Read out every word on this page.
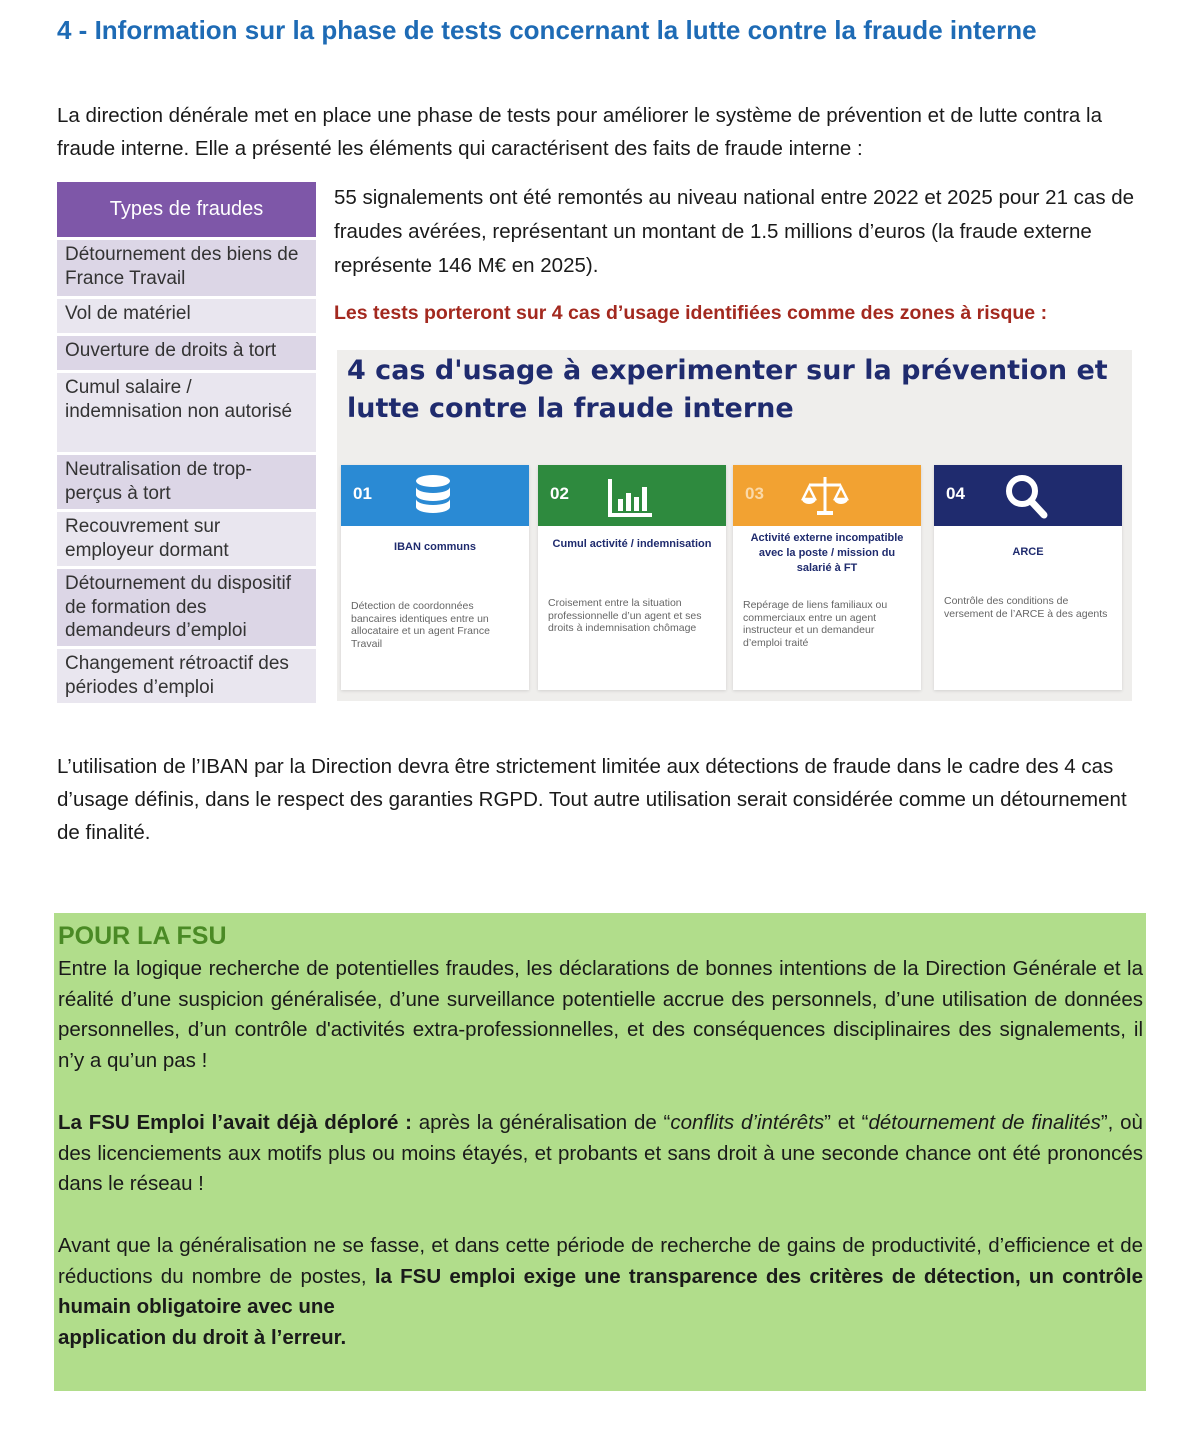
4 - Information sur la phase de tests concernant la lutte contre la fraude interne
La direction dénérale met en place une phase de tests pour améliorer le système de prévention et de lutte contra la fraude interne. Elle a présenté les éléments qui caractérisent des faits de fraude interne :
Types de fraudes
Détournement des biens de France Travail
Vol de matériel
Ouverture de droits à tort
Cumul salaire / indemnisation non autorisé
Neutralisation de trop-perçus à tort
Recouvrement sur employeur dormant
Détournement du dispositif de formation des demandeurs d’emploi
Changement rétroactif des périodes d’emploi
55 signalements ont été remontés au niveau national entre 2022 et 2025 pour 21 cas de fraudes avérées, représentant un montant de 1.5 millions d’euros (la fraude externe représente 146 M€ en 2025).
Les tests porteront sur 4 cas d’usage identifiées comme des zones à risque :
4 cas d'usage à experimenter sur la prévention et lutte contre la fraude interne
01
IBAN communs
Détection de coordonnées bancaires identiques entre un allocataire et un agent France Travail
02
Cumul activité / indemnisation
Croisement entre la situation professionnelle d’un agent et ses droits à indemnisation chômage
03
Activité externe incompatible avec la poste / mission du salarié à FT
Repérage de liens familiaux ou commerciaux entre un agent instructeur et un demandeur d’emploi traité
04
ARCE
Contrôle des conditions de versement de l’ARCE à des agents
L’utilisation de l’IBAN par la Direction devra être strictement limitée aux détections de fraude dans le cadre des 4 cas d’usage définis, dans le respect des garanties RGPD. Tout autre utilisation serait considérée comme un détournement de finalité.
POUR LA FSU
Entre la logique recherche de potentielles fraudes, les déclarations de bonnes intentions de la Direction Générale et la réalité d’une suspicion généralisée, d’une surveillance potentielle accrue des personnels, d’une utilisation de données personnelles, d’un contrôle d'activités extra-professionnelles, et des conséquences disciplinaires des signalements, il n’y a qu’un pas !
La FSU Emploi l’avait déjà déploré : après la généralisation de “conflits d’intérêts” et “détournement de finalités”, où des licenciements aux motifs plus ou moins étayés, et probants et sans droit à une seconde chance ont été prononcés dans le réseau !
Avant que la généralisation ne se fasse, et dans cette période de recherche de gains de productivité, d’efficience et de réductions du nombre de postes, la FSU emploi exige une transparence des critères de détection, un contrôle humain obligatoire avec une
application du droit à l’erreur.
